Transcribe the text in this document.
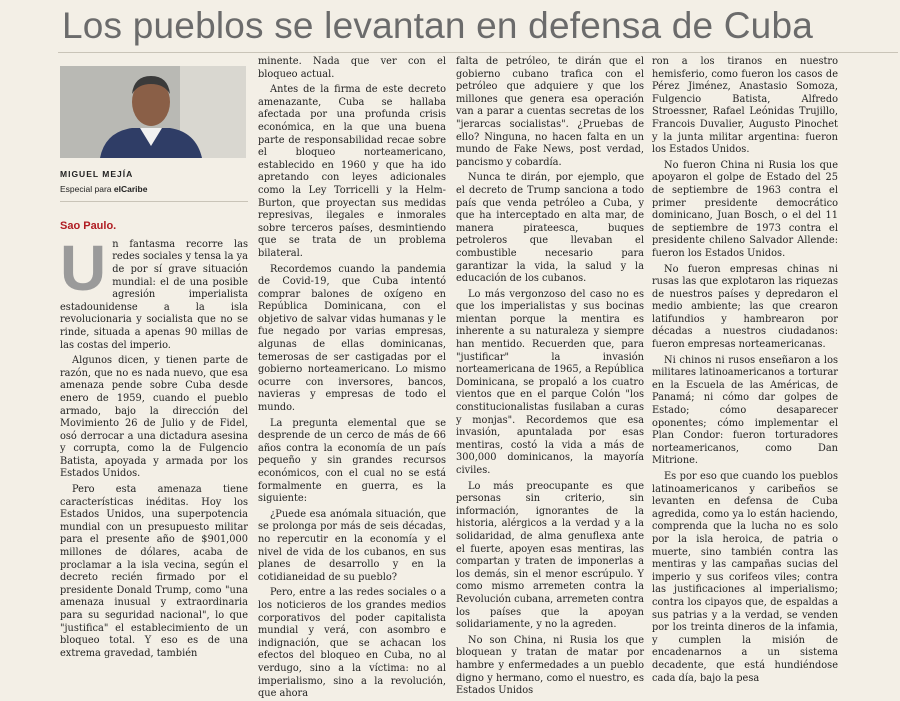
Los pueblos se levantan en defensa de Cuba
MIGUEL MEJÍA
Especial para elCaribe
Sao Paulo.

Un fantasma recorre las redes sociales y tensa la ya de por sí grave situación mundial: el de una posible agresión imperialista estadounidense a la isla revolucionaria y socialista que no se rinde, situada a apenas 90 millas de las costas del imperio.

Algunos dicen, y tienen parte de razón, que no es nada nuevo, que esa amenaza pende sobre Cuba desde enero de 1959, cuando el pueblo armado, bajo la dirección del Movimiento 26 de Julio y de Fidel, osó derrocar a una dictadura asesina y corrupta, como la de Fulgencio Batista, apoyada y armada por los Estados Unidos.

Pero esta amenaza tiene características inéditas. Hoy los Estados Unidos, una superpotencia mundial con un presupuesto militar para el presente año de $901,000 millones de dólares, acaba de proclamar a la isla vecina, según el decreto recién firmado por el presidente Donald Trump, como "una amenaza inusual y extraordinaria para su seguridad nacional", lo que "justifica" el establecimiento de un bloqueo total. Y eso es de una extrema gravedad, también

minente. Nada que ver con el bloqueo actual.

Antes de la firma de este decreto amenazante, Cuba se hallaba afectada por una profunda crisis económica, en la que una buena parte de responsabilidad recae sobre el bloqueo norteamericano, establecido en 1960 y que ha ido apretando con leyes adicionales como la Ley Torricelli y la Helm-Burton, que proyectan sus medidas represivas, ilegales e inmorales sobre terceros países, desmintiendo que se trata de un problema bilateral.

Recordemos cuando la pandemia de Covid-19, que Cuba intentó comprar balones de oxígeno en República Dominicana, con el objetivo de salvar vidas humanas y le fue negado por varias empresas, algunas de ellas dominicanas, temerosas de ser castigadas por el gobierno norteamericano. Lo mismo ocurre con inversores, bancos, navieras y empresas de todo el mundo.

La pregunta elemental que se desprende de un cerco de más de 66 años contra la economía de un país pequeño y sin grandes recursos económicos, con el cual no se está formalmente en guerra, es la siguiente:

¿Puede esa anómala situación, que se prolonga por más de seis décadas, no repercutir en la economía y el nivel de vida de los cubanos, en sus planes de desarrollo y en la cotidianeidad de su pueblo?

Pero, entre a las redes sociales o a los noticieros de los grandes medios corporativos del poder capitalista mundial y verá, con asombro e indignación, que se achacan los efectos del bloqueo en Cuba, no al verdugo, sino a la víctima: no al imperialismo, sino a la revolución, que ahora

falta de petróleo, te dirán que el gobierno cubano trafica con el petróleo que adquiere y que los millones que genera esa operación van a parar a cuentas secretas de los "jerarcas socialistas". ¿Pruebas de ello? Ninguna, no hacen falta en un mundo de Fake News, post verdad, pancismo y cobardía.

Nunca te dirán, por ejemplo, que el decreto de Trump sanciona a todo país que venda petróleo a Cuba, y que ha interceptado en alta mar, de manera pirateesca, buques petroleros que llevaban el combustible necesario para garantizar la vida, la salud y la educación de los cubanos.

Lo más vergonzoso del caso no es que los imperialistas y sus bocinas mientan porque la mentira es inherente a su naturaleza y siempre han mentido. Recuerden que, para "justificar" la invasión norteamericana de 1965, a República Dominicana, se propaló a los cuatro vientos que en el parque Colón "los constitucionalistas fusilaban a curas y monjas". Recordemos que esa invasión, apuntalada por esas mentiras, costó la vida a más de 300,000 dominicanos, la mayoría civiles.

Lo más preocupante es que personas sin criterio, sin información, ignorantes de la historia, alérgicos a la verdad y a la solidaridad, de alma genuflexa ante el fuerte, apoyen esas mentiras, las compartan y traten de imponerlas a los demás, sin el menor escrúpulo. Y como mismo arremeten contra la Revolución cubana, arremeten contra los países que la apoyan solidariamente, y no la agreden.

No son China, ni Rusia los que bloquean y tratan de matar por hambre y enfermedades a un pueblo digno y hermano, como el nuestro, es Estados Unidos

ron a los tiranos en nuestro hemisferio, como fueron los casos de Pérez Jiménez, Anastasio Somoza, Fulgencio Batista, Alfredo Stroessner, Rafael Leónidas Trujillo, Francois Duvalier, Augusto Pinochet y la junta militar argentina: fueron los Estados Unidos.

No fueron China ni Rusia los que apoyaron el golpe de Estado del 25 de septiembre de 1963 contra el primer presidente democrático dominicano, Juan Bosch, o el del 11 de septiembre de 1973 contra el presidente chileno Salvador Allende: fueron los Estados Unidos.

No fueron empresas chinas ni rusas las que explotaron las riquezas de nuestros países y depredaron el medio ambiente; las que crearon latifundios y hambrearon por décadas a nuestros ciudadanos: fueron empresas norteamericanas.

Ni chinos ni rusos enseñaron a los militares latinoamericanos a torturar en la Escuela de las Américas, de Panamá; ni cómo dar golpes de Estado; cómo desaparecer oponentes; cómo implementar el Plan Condor: fueron torturadores norteamericanos, como Dan Mitrione.

Es por eso que cuando los pueblos latinoamericanos y caribeños se levanten en defensa de Cuba agredida, como ya lo están haciendo, comprenda que la lucha no es solo por la isla heroica, de patria o muerte, sino también contra las mentiras y las campañas sucias del imperio y sus corifeos viles; contra las justificaciones al imperialismo; contra los cipayos que, de espaldas a sus patrias y a la verdad, se venden por los treinta dineros de la infamia, y cumplen la misión de encadenarnos a un sistema decadente, que está hundiéndose cada día, bajo la pesa
